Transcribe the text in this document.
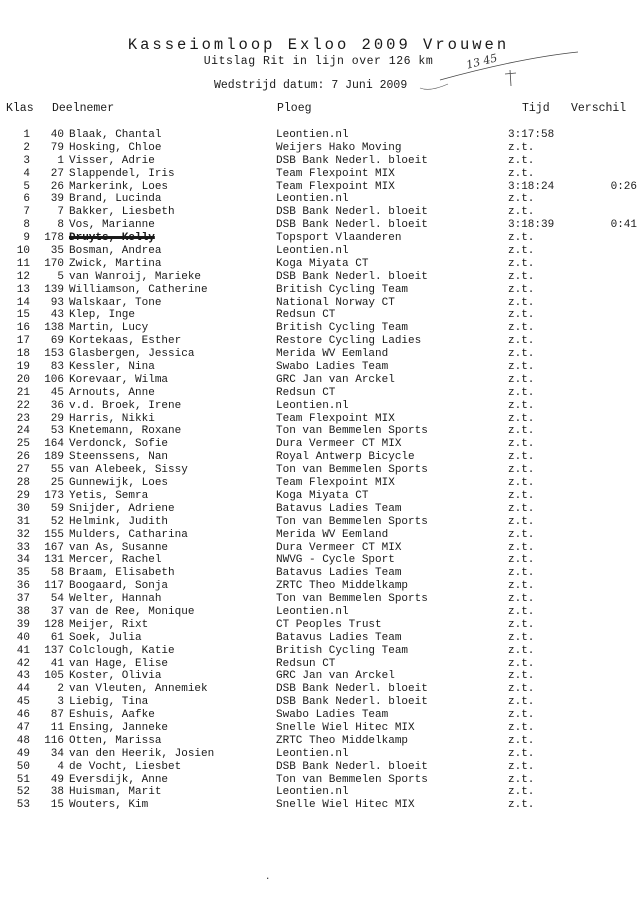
Kasseiomloop Exloo 2009 Vrouwen
Uitslag Rit in lijn over 126 km
Wedstrijd datum: 7 Juni 2009
13 45
Klas Deelnemer	Ploeg	Tijd Verschil
1	40 Blaak, Chantal	Leontien.nl	3:17:58
2	79 Hosking, Chloe	Weijers Hako Moving	z.t.
3	1 Visser, Adrie	DSB Bank Nederl. bloeit	z.t.
4	27 Slappendel, Iris	Team Flexpoint MIX	z.t.
5	26 Markerink, Loes	Team Flexpoint MIX	3:18:24	0:26
6	39 Brand, Lucinda	Leontien.nl	z.t.
7	7 Bakker, Liesbeth	DSB Bank Nederl. bloeit	z.t.
8	8 Vos, Marianne	DSB Bank Nederl. bloeit	3:18:39	0:41
9	178 Druyts, Kelly	Topsport Vlaanderen	z.t.
10	35 Bosman, Andrea	Leontien.nl	z.t.
11	170 Zwick, Martina	Koga Miyata CT	z.t.
12	5 van Wanroij, Marieke	DSB Bank Nederl. bloeit	z.t.
13	139 Williamson, Catherine	British Cycling Team	z.t.
14	93 Walskaar, Tone	National Norway CT	z.t.
15	43 Klep, Inge	Redsun CT	z.t.
16	138 Martin, Lucy	British Cycling Team	z.t.
17	69 Kortekaas, Esther	Restore Cycling Ladies	z.t.
18	153 Glasbergen, Jessica	Merida WV Eemland	z.t.
19	83 Kessler, Nina	Swabo Ladies Team	z.t.
20	106 Korevaar, Wilma	GRC Jan van Arckel	z.t.
21	45 Arnouts, Anne	Redsun CT	z.t.
22	36 v.d. Broek, Irene	Leontien.nl	z.t.
23	29 Harris, Nikki	Team Flexpoint MIX	z.t.
24	53 Knetemann, Roxane	Ton van Bemmelen Sports	z.t.
25	164 Verdonck, Sofie	Dura Vermeer CT MIX	z.t.
26	189 Steenssens, Nan	Royal Antwerp Bicycle	z.t.
27	55 van Alebeek, Sissy	Ton van Bemmelen Sports	z.t.
28	25 Gunnewijk, Loes	Team Flexpoint MIX	z.t.
29	173 Yetis, Semra	Koga Miyata CT	z.t.
30	59 Snijder, Adriene	Batavus Ladies Team	z.t.
31	52 Helmink, Judith	Ton van Bemmelen Sports	z.t.
32	155 Mulders, Catharina	Merida WV Eemland	z.t.
33	167 van As, Susanne	Dura Vermeer CT MIX	z.t.
34	131 Mercer, Rachel	NWVG - Cycle Sport	z.t.
35	58 Braam, Elisabeth	Batavus Ladies Team	z.t.
36	117 Boogaard, Sonja	ZRTC Theo Middelkamp	z.t.
37	54 Welter, Hannah	Ton van Bemmelen Sports	z.t.
38	37 van de Ree, Monique	Leontien.nl	z.t.
39	128 Meijer, Rixt	CT Peoples Trust	z.t.
40	61 Soek, Julia	Batavus Ladies Team	z.t.
41	137 Colclough, Katie	British Cycling Team	z.t.
42	41 van Hage, Elise	Redsun CT	z.t.
43	105 Koster, Olivia	GRC Jan van Arckel	z.t.
44	2 van Vleuten, Annemiek	DSB Bank Nederl. bloeit	z.t.
45	3 Liebig, Tina	DSB Bank Nederl. bloeit	z.t.
46	87 Eshuis, Aafke	Swabo Ladies Team	z.t.
47	11 Ensing, Janneke	Snelle Wiel Hitec MIX	z.t.
48	116 Otten, Marissa	ZRTC Theo Middelkamp	z.t.
49	34 van den Heerik, Josien	Leontien.nl	z.t.
50	4 de Vocht, Liesbet	DSB Bank Nederl. bloeit	z.t.
51	49 Eversdijk, Anne	Ton van Bemmelen Sports	z.t.
52	38 Huisman, Marit	Leontien.nl	z.t.
53	15 Wouters, Kim	Snelle Wiel Hitec MIX	z.t.
.
